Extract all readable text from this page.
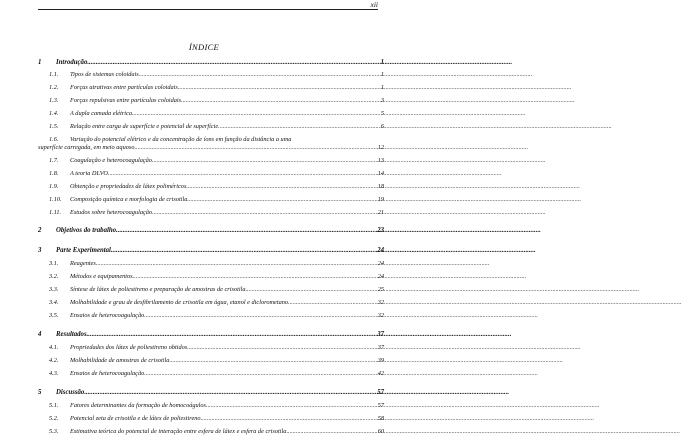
xii
ÍNDICE
1	Introdução .....	1
1.1.	Tipos de sistemas coloidais .....	1
1.2.	Forças atrativas entre partículas coloidais .....	1
1.3.	Forças repulsivas entre partículas coloidais .....	3
1.4.	A dupla camada elétrica .....	5
1.5.	Relação entre carga de superfície e potencial de superfície .....	6
1.6.	Variação do potencial elétrico e da concentração de íons em função da distância a uma
superfície carregada, em meio aquoso .....	12
1.7.	Coagulação e heterocoagulação .....	13
1.8.	A teoria DLVO .....	14
1.9.	Obtenção e propriedades de látex poliméricos .....	18
1.10.	Composição química e morfologia de crisotila .....	19
1.11.	Estudos sobre heterocoagulação .....	21
2	Objetivos do trabalho .....	23
3	Parte Experimental .....	24
3.1.	Reagentes .....	24
3.2.	Métodos e equipamentos .....	24
3.3.	Síntese de látex de poliestireno e preparação de amostras de crisotila .....	25
3.4.	Molhabilidade e grau de desfibrilamento de crisotila em água, etanol e diclorometano .....	32
3.5.	Ensaios de heterocoagulação .....	32
4	Resultados .....	37
4.1.	Propriedades dos látex de poliestireno obtidos .....	37
4.2.	Molhabilidade de amostras de crisotila .....	39
4.3.	Ensaios de heterocoagulação .....	42
5	Discussão .....	57
5.1.	Fatores determinantes da formação de homocoágulos .....	57
5.2.	Potencial zeta de crisotila e de látex de poliestireno .....	58
5.3.	Estimativa teórica do potencial de interação entre esfera de látex e esfera de crisotila .....	60
